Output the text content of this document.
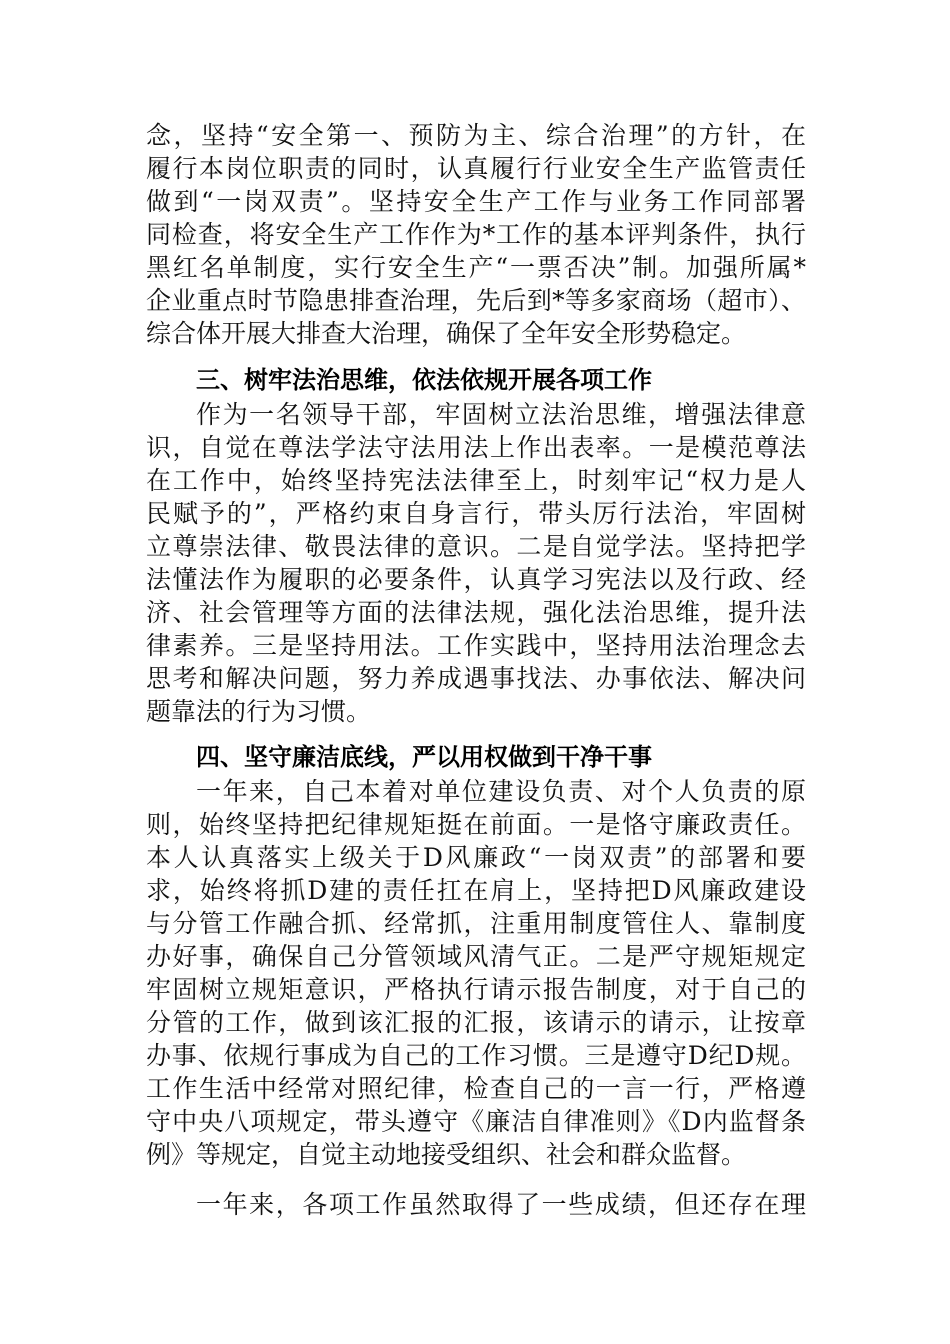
念，坚持“安全第一、预防为主、综合治理”的方针，在
履行本岗位职责的同时，认真履行行业安全生产监管责任
做到“一岗双责”。坚持安全生产工作与业务工作同部署
同检查，将安全生产工作作为*工作的基本评判条件，执行
黑红名单制度，实行安全生产“一票否决”制。加强所属*
企业重点时节隐患排查治理，先后到*等多家商场（超市）、
综合体开展大排查大治理，确保了全年安全形势稳定。
三、树牢法治思维，依法依规开展各项工作
作为一名领导干部，牢固树立法治思维，增强法律意
识，自觉在尊法学法守法用法上作出表率。一是模范尊法
在工作中，始终坚持宪法法律至上，时刻牢记“权力是人
民赋予的”，严格约束自身言行，带头厉行法治，牢固树
立尊崇法律、敬畏法律的意识。二是自觉学法。坚持把学
法懂法作为履职的必要条件，认真学习宪法以及行政、经
济、社会管理等方面的法律法规，强化法治思维，提升法
律素养。三是坚持用法。工作实践中，坚持用法治理念去
思考和解决问题，努力养成遇事找法、办事依法、解决问
题靠法的行为习惯。
四、坚守廉洁底线，严以用权做到干净干事
一年来，自己本着对单位建设负责、对个人负责的原
则，始终坚持把纪律规矩挺在前面。一是恪守廉政责任。
本人认真落实上级关于D风廉政“一岗双责”的部署和要
求，始终将抓D建的责任扛在肩上，坚持把D风廉政建设
与分管工作融合抓、经常抓，注重用制度管住人、靠制度
办好事，确保自己分管领域风清气正。二是严守规矩规定
牢固树立规矩意识，严格执行请示报告制度，对于自己的
分管的工作，做到该汇报的汇报，该请示的请示，让按章
办事、依规行事成为自己的工作习惯。三是遵守D纪D规。
工作生活中经常对照纪律，检查自己的一言一行，严格遵
守中央八项规定，带头遵守《廉洁自律准则》《D内监督条
例》等规定，自觉主动地接受组织、社会和群众监督。
一年来，各项工作虽然取得了一些成绩，但还存在理
